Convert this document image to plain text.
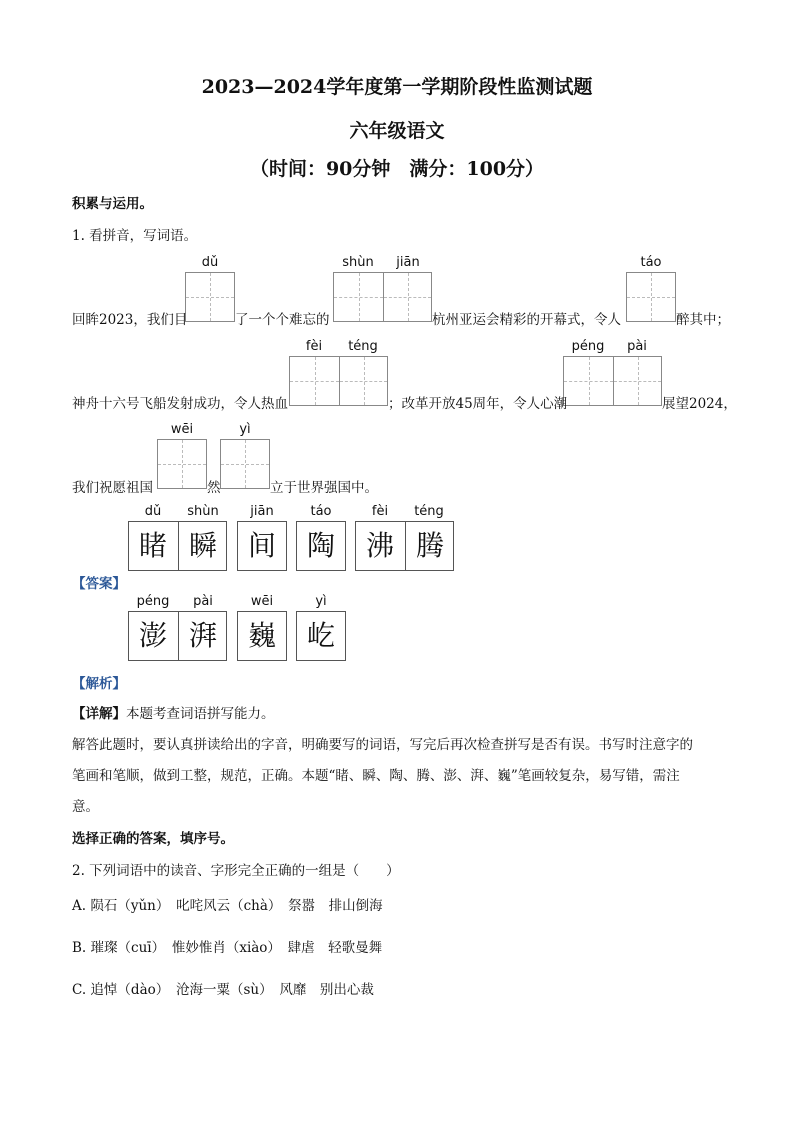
2023—2024学年度第一学期阶段性监测试题
六年级语文
（时间：90分钟　满分：100分）
积累与运用。
1. 看拼音，写词语。
dǔ	shùn	jiān	táo
回眸2023，我们目	了一个个难忘的	杭州亚运会精彩的开幕式，令人	醉其中；
fèi	téng	péng	pài
神舟十六号飞船发射成功，令人热血	；改革开放45周年，令人心潮	展望2024，
wēi	yì
我们祝愿祖国	然	立于世界强国中。
dǔ	shùn	jiān	táo	fèi	téng
睹 瞬	间	陶	沸 腾
【答案】
péng	pài	wēi	yì
澎 湃	巍	屹
【解析】
【详解】本题考查词语拼写能力。
解答此题时，要认真拼读给出的字音，明确要写的词语，写完后再次检查拼写是否有误。书写时注意字的
笔画和笔顺，做到工整，规范，正确。本题“睹、瞬、陶、腾、澎、湃、巍”笔画较复杂，易写错，需注
意。
选择正确的答案，填序号。
2. 下列词语中的读音、字形完全正确的一组是（　　）
A. 陨石（yǔn）　叱咤风云（chà）　祭嚣　排山倒海
B. 璀璨（cuī）　惟妙惟肖（xiào）　肆虐　轻歌曼舞
C. 追悼（dào）　沧海一粟（sù）　风靡　别出心裁
